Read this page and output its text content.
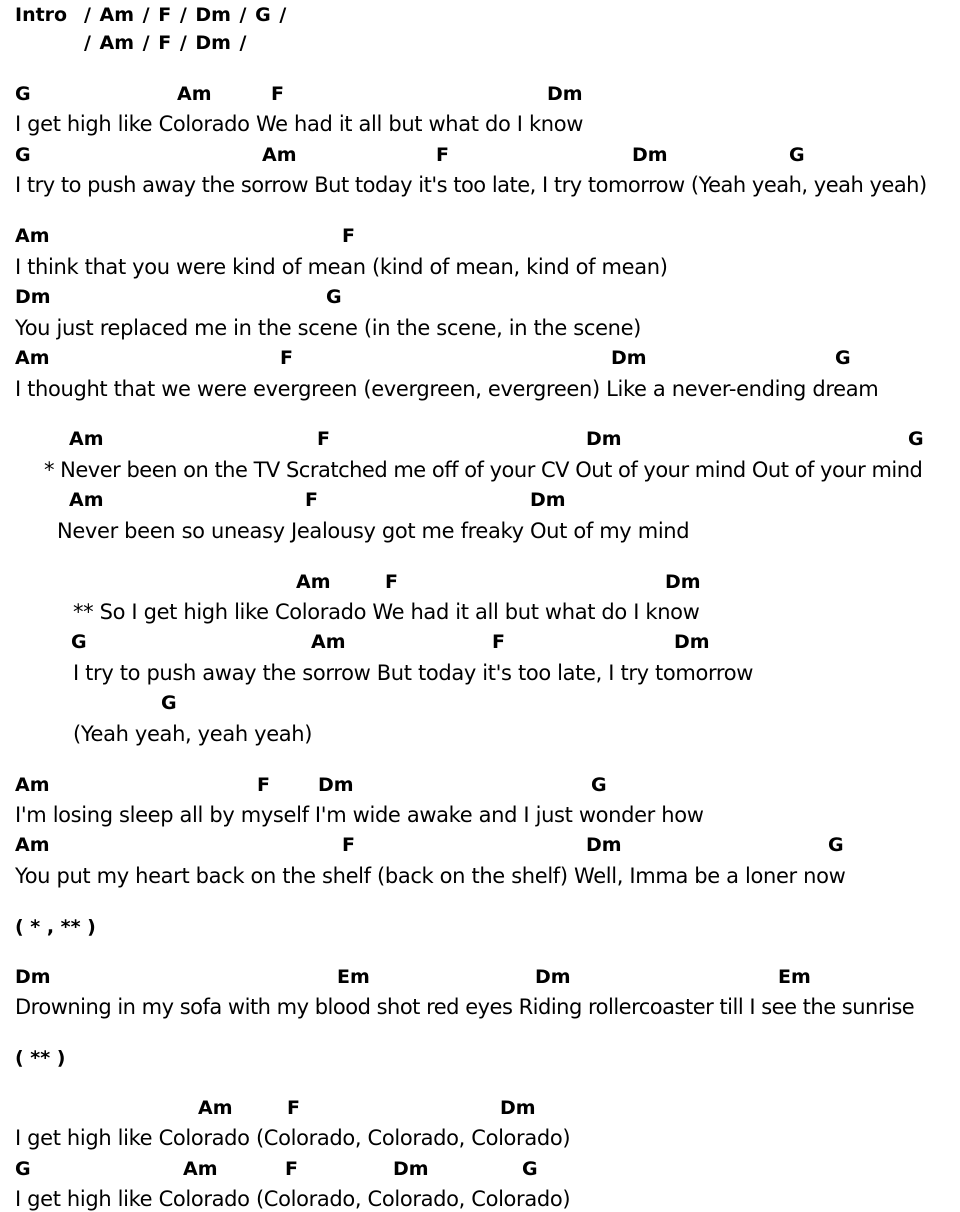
Intro / Am / F / Dm / G /
/ Am / F / Dm /
G	Am	F	Dm
I get high like Colorado We had it all but what do I know
G	Am	F	Dm	G
I try to push away the sorrow But today it's too late, I try tomorrow (Yeah yeah, yeah yeah)
Am	F
I think that you were kind of mean (kind of mean, kind of mean)
Dm	G
You just replaced me in the scene (in the scene, in the scene)
Am	F	Dm	G
I thought that we were evergreen (evergreen, evergreen) Like a never-ending dream
Am	F	Dm	G
* Never been on the TV Scratched me off of your CV Out of your mind Out of your mind
Am	F	Dm
Never been so uneasy Jealousy got me freaky Out of my mind
Am	F	Dm
** So I get high like Colorado We had it all but what do I know
G	Am	F	Dm
I try to push away the sorrow But today it's too late, I try tomorrow
G
(Yeah yeah, yeah yeah)
Am	F	Dm	G
I'm losing sleep all by myself I'm wide awake and I just wonder how
Am	F	Dm	G
You put my heart back on the shelf (back on the shelf) Well, Imma be a loner now
( * , ** )
Dm	Em	Dm	Em
Drowning in my sofa with my blood shot red eyes Riding rollercoaster till I see the sunrise
( ** )
Am	F	Dm
I get high like Colorado (Colorado, Colorado, Colorado)
G	Am	F	Dm	G
I get high like Colorado (Colorado, Colorado, Colorado)
